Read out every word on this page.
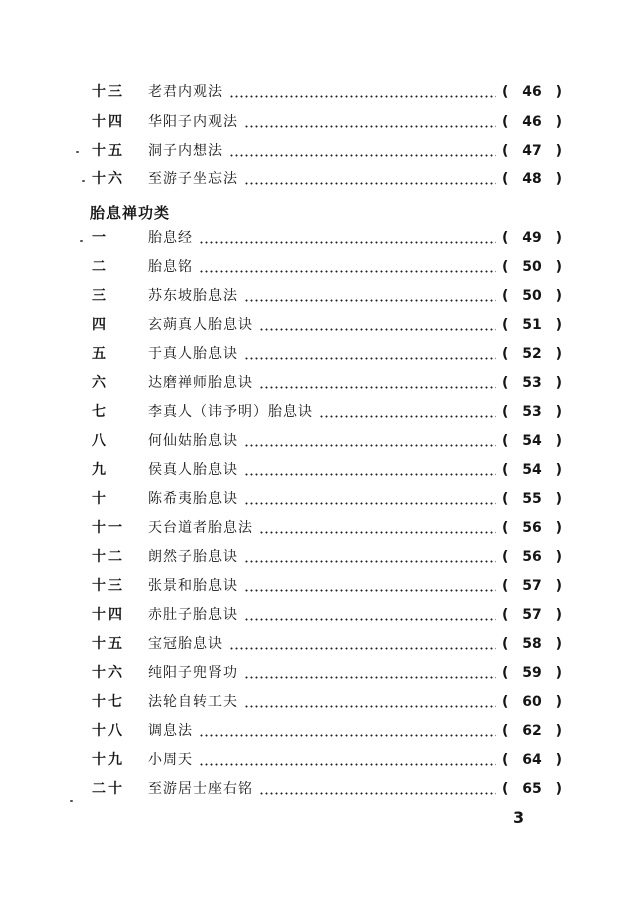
十三	老君内观法	( 46 )
十四	华阳子内观法	( 46 )
十五	洞子内想法	( 47 )
十六	至游子坐忘法	( 48 )
胎息禅功类
一	胎息经	( 49 )
二	胎息铭	( 50 )
三	苏东坡胎息法	( 50 )
四	玄蒴真人胎息诀	( 51 )
五	于真人胎息诀	( 52 )
六	达磨禅师胎息诀	( 53 )
七	李真人（讳予明）胎息诀	( 53 )
八	何仙姑胎息诀	( 54 )
九	侯真人胎息诀	( 54 )
十	陈希夷胎息诀	( 55 )
十一	天台道者胎息法	( 56 )
十二	朗然子胎息诀	( 56 )
十三	张景和胎息诀	( 57 )
十四	赤肚子胎息诀	( 57 )
十五	宝冠胎息诀	( 58 )
十六	纯阳子兜肾功	( 59 )
十七	法轮自转工夫	( 60 )
十八	调息法	( 62 )
十九	小周天	( 64 )
二十	至游居士座右铭	( 65 )
3
